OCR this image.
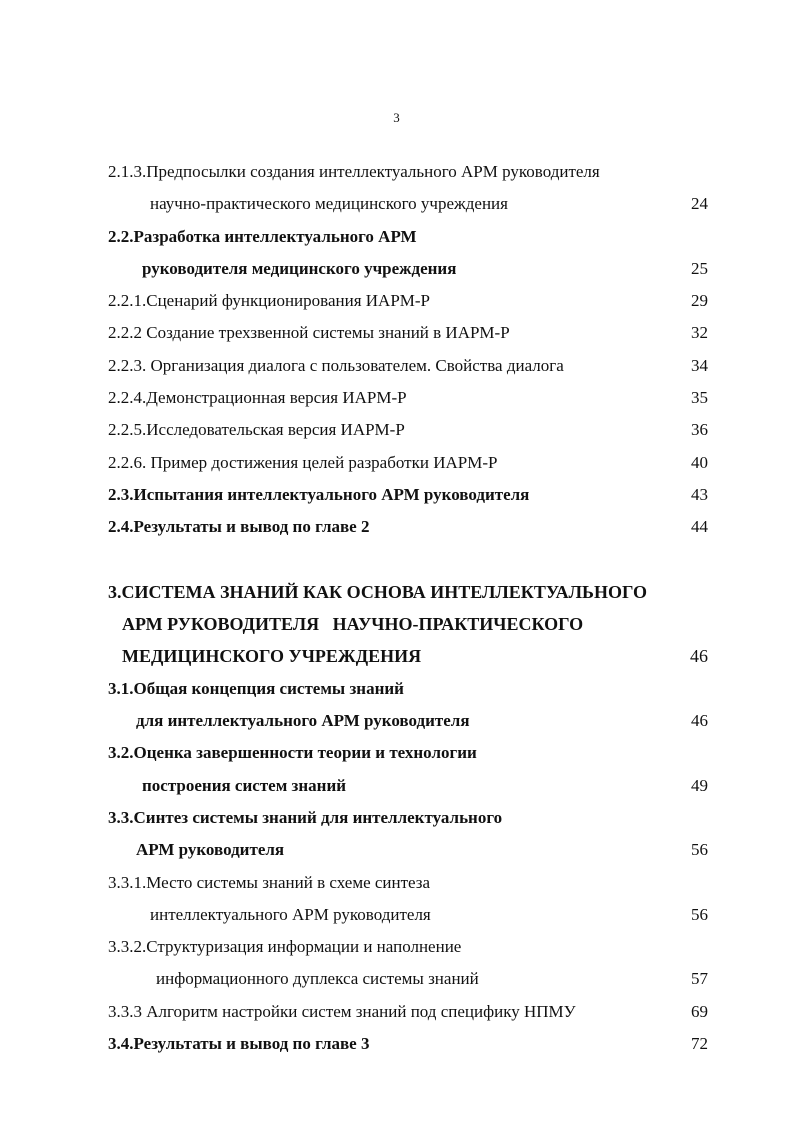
3
2.1.3.Предпосылки создания интеллектуального АРМ руководителя
научно-практического медицинского учреждения	24
2.2.Разработка интеллектуального АРМ
руководителя медицинского учреждения	25
2.2.1.Сценарий функционирования ИАРМ-Р	29
2.2.2 Создание трехзвенной системы знаний в ИАРМ-Р	32
2.2.3. Организация диалога с пользователем. Свойства диалога	34
2.2.4.Демонстрационная версия ИАРМ-Р	35
2.2.5.Исследовательская версия ИАРМ-Р	36
2.2.6. Пример достижения целей разработки ИАРМ-Р	40
2.3.Испытания интеллектуального АРМ руководителя	43
2.4.Результаты и вывод по главе 2	44
3.СИСТЕМА ЗНАНИЙ КАК ОСНОВА ИНТЕЛЛЕКТУАЛЬНОГО
АРМ РУКОВОДИТЕЛЯ   НАУЧНО-ПРАКТИЧЕСКОГО
МЕДИЦИНСКОГО УЧРЕЖДЕНИЯ	46
3.1.Общая концепция системы знаний
для интеллектуального АРМ руководителя	46
3.2.Оценка завершенности теории и технологии
построения систем знаний	49
3.3.Синтез системы знаний для интеллектуального
АРМ руководителя	56
3.3.1.Место системы знаний в схеме синтеза
интеллектуального АРМ руководителя	56
3.3.2.Структуризация информации и наполнение
информационного дуплекса системы знаний	57
3.3.3 Алгоритм настройки систем знаний под специфику НПМУ	69
3.4.Результаты и вывод по главе 3	72
